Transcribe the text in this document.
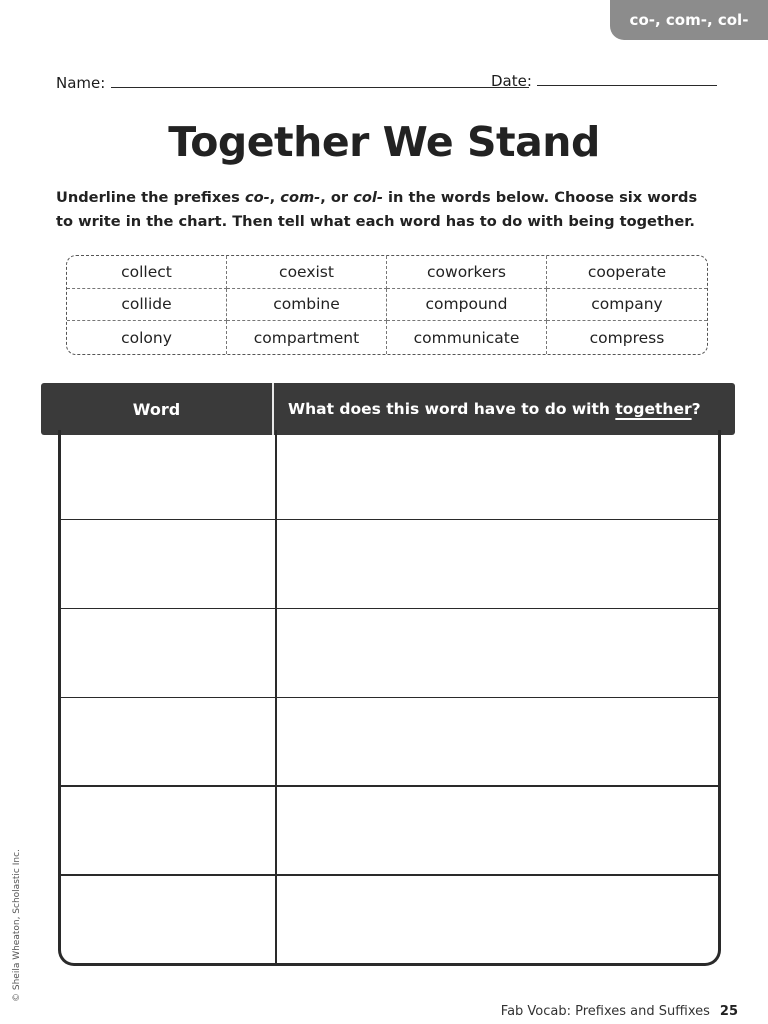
co-, com-, col-
Name:	Date:
Together We Stand
Underline the prefixes co-, com-, or col- in the words below. Choose six words
to write in the chart. Then tell what each word has to do with being together.
collect	coexist	coworkers	cooperate
collide	combine	compound	company
colony	compartment	communicate	compress
Word	What does this word have to do with
together ?
© Sheila Wheaton, Scholastic Inc.
Fab Vocab: Prefixes and Suffixes 25
